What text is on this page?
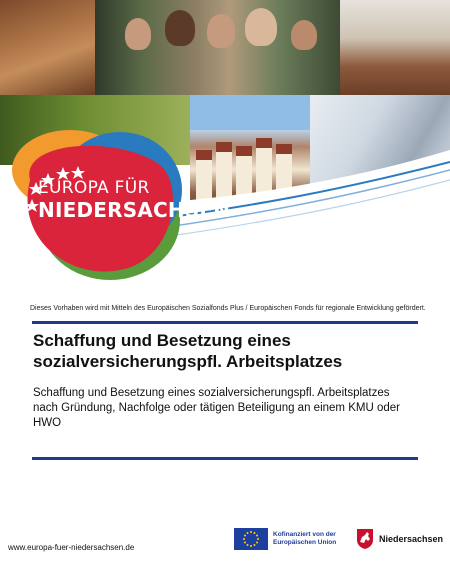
EUROPA FÜR
NIEDERSACHSEN
Dieses Vorhaben wird mit Mitteln des Europäischen Sozialfonds Plus / Europäischen Fonds für regionale Entwicklung gefördert.
Schaffung und Besetzung eines
sozialversicherungspfl. Arbeitsplatzes
Schaffung und Besetzung eines sozialversicherungspfl. Arbeitsplatzes
nach Gründung, Nachfolge oder tätigen Beteiligung an einem KMU oder
HWO
www.europa-fuer-niedersachsen.de
Kofinanziert von der
Europäischen Union	Niedersachsen
